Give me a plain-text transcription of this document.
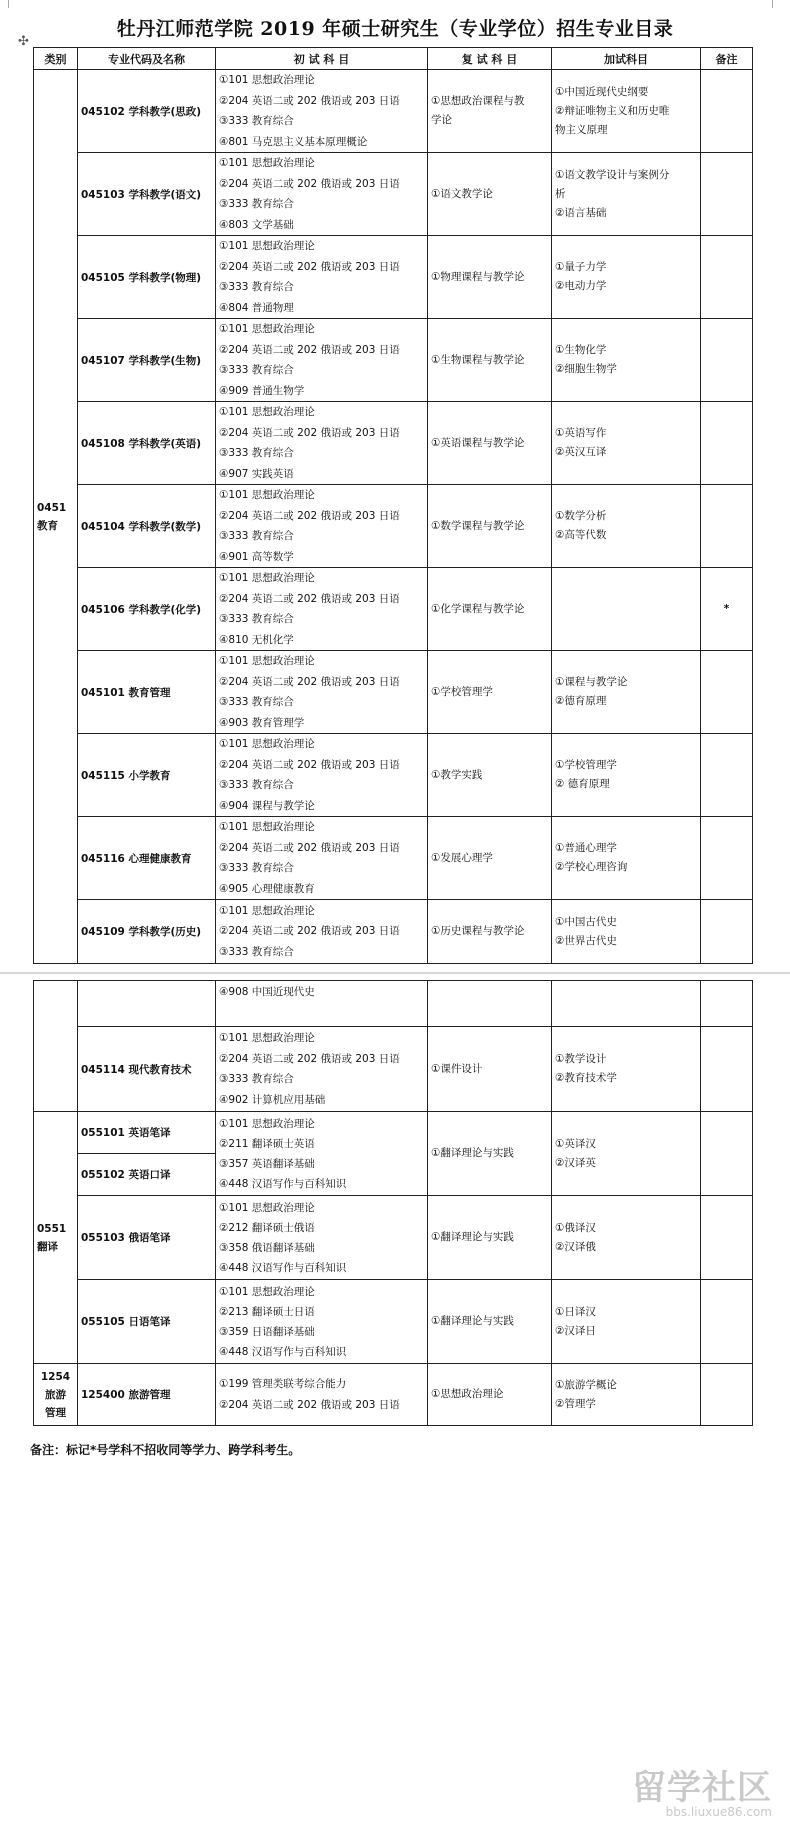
牡丹江师范学院 2019 年硕士研究生（专业学位）招生专业目录
✣
类别	专业代码及名称	初 试 科 目	复 试 科 目	加试科目	备注

0451
教育	045102 学科教学(思政)	①101 思想政治理论
②204 英语二或 202 俄语或 203 日语
③333 教育综合
④801 马克思主义基本原理概论	①思想政治课程与教
学论	①中国近现代史纲要
②辩证唯物主义和历史唯
物主义原理	

	045103 学科教学(语文)	①101 思想政治理论
②204 英语二或 202 俄语或 203 日语
③333 教育综合
④803 文学基础	①语文教学论	①语文教学设计与案例分
析
②语言基础	

	045105 学科教学(物理)	①101 思想政治理论
②204 英语二或 202 俄语或 203 日语
③333 教育综合
④804 普通物理	①物理课程与教学论	①量子力学
②电动力学	

	045107 学科教学(生物)	①101 思想政治理论
②204 英语二或 202 俄语或 203 日语
③333 教育综合
④909 普通生物学	①生物课程与教学论	①生物化学
②细胞生物学	

	045108 学科教学(英语)	①101 思想政治理论
②204 英语二或 202 俄语或 203 日语
③333 教育综合
④907 实践英语	①英语课程与教学论	①英语写作
②英汉互译	

	045104 学科教学(数学)	①101 思想政治理论
②204 英语二或 202 俄语或 203 日语
③333 教育综合
④901 高等数学	①数学课程与教学论	①数学分析
②高等代数	

	045106 学科教学(化学)	①101 思想政治理论
②204 英语二或 202 俄语或 203 日语
③333 教育综合
④810 无机化学	①化学课程与教学论		*
	045101 教育管理	①101 思想政治理论
②204 英语二或 202 俄语或 203 日语
③333 教育综合
④903 教育管理学	①学校管理学	①课程与教学论
②德育原理	

	045115 小学教育	①101 思想政治理论
②204 英语二或 202 俄语或 203 日语
③333 教育综合
④904 课程与教学论	①教学实践	①学校管理学
② 德育原理	

	045116 心理健康教育	①101 思想政治理论
②204 英语二或 202 俄语或 203 日语
③333 教育综合
④905 心理健康教育	①发展心理学	①普通心理学
②学校心理咨询	

	045109 学科教学(历史)	①101 思想政治理论
②204 英语二或 202 俄语或 203 日语
③333 教育综合	①历史课程与教学论	①中国古代史
②世界古代史	

		④908 中国近现代史			

	045114 现代教育技术	①101 思想政治理论
②204 英语二或 202 俄语或 203 日语
③333 教育综合
④902 计算机应用基础	①课件设计	①教学设计
②教育技术学	

0551
翻译	055101 英语笔译	①101 思想政治理论
②211 翻译硕士英语
③357 英语翻译基础
④448 汉语写作与百科知识	①翻译理论与实践	①英译汉
②汉译英	

	055102 英语口译				
	055103 俄语笔译	①101 思想政治理论
②212 翻译硕士俄语
③358 俄语翻译基础
④448 汉语写作与百科知识	①翻译理论与实践	①俄译汉
②汉译俄	

	055105 日语笔译	①101 思想政治理论
②213 翻译硕士日语
③359 日语翻译基础
④448 汉语写作与百科知识	①翻译理论与实践	①日译汉
②汉译日	

1254
旅游
管理	125400 旅游管理	①199 管理类联考综合能力
②204 英语二或 202 俄语或 203 日语	①思想政治理论	①旅游学概论
②管理学	

备注：标记*号学科不招收同等学力、跨学科考生。
留学社区
bbs.liuxue86.com
